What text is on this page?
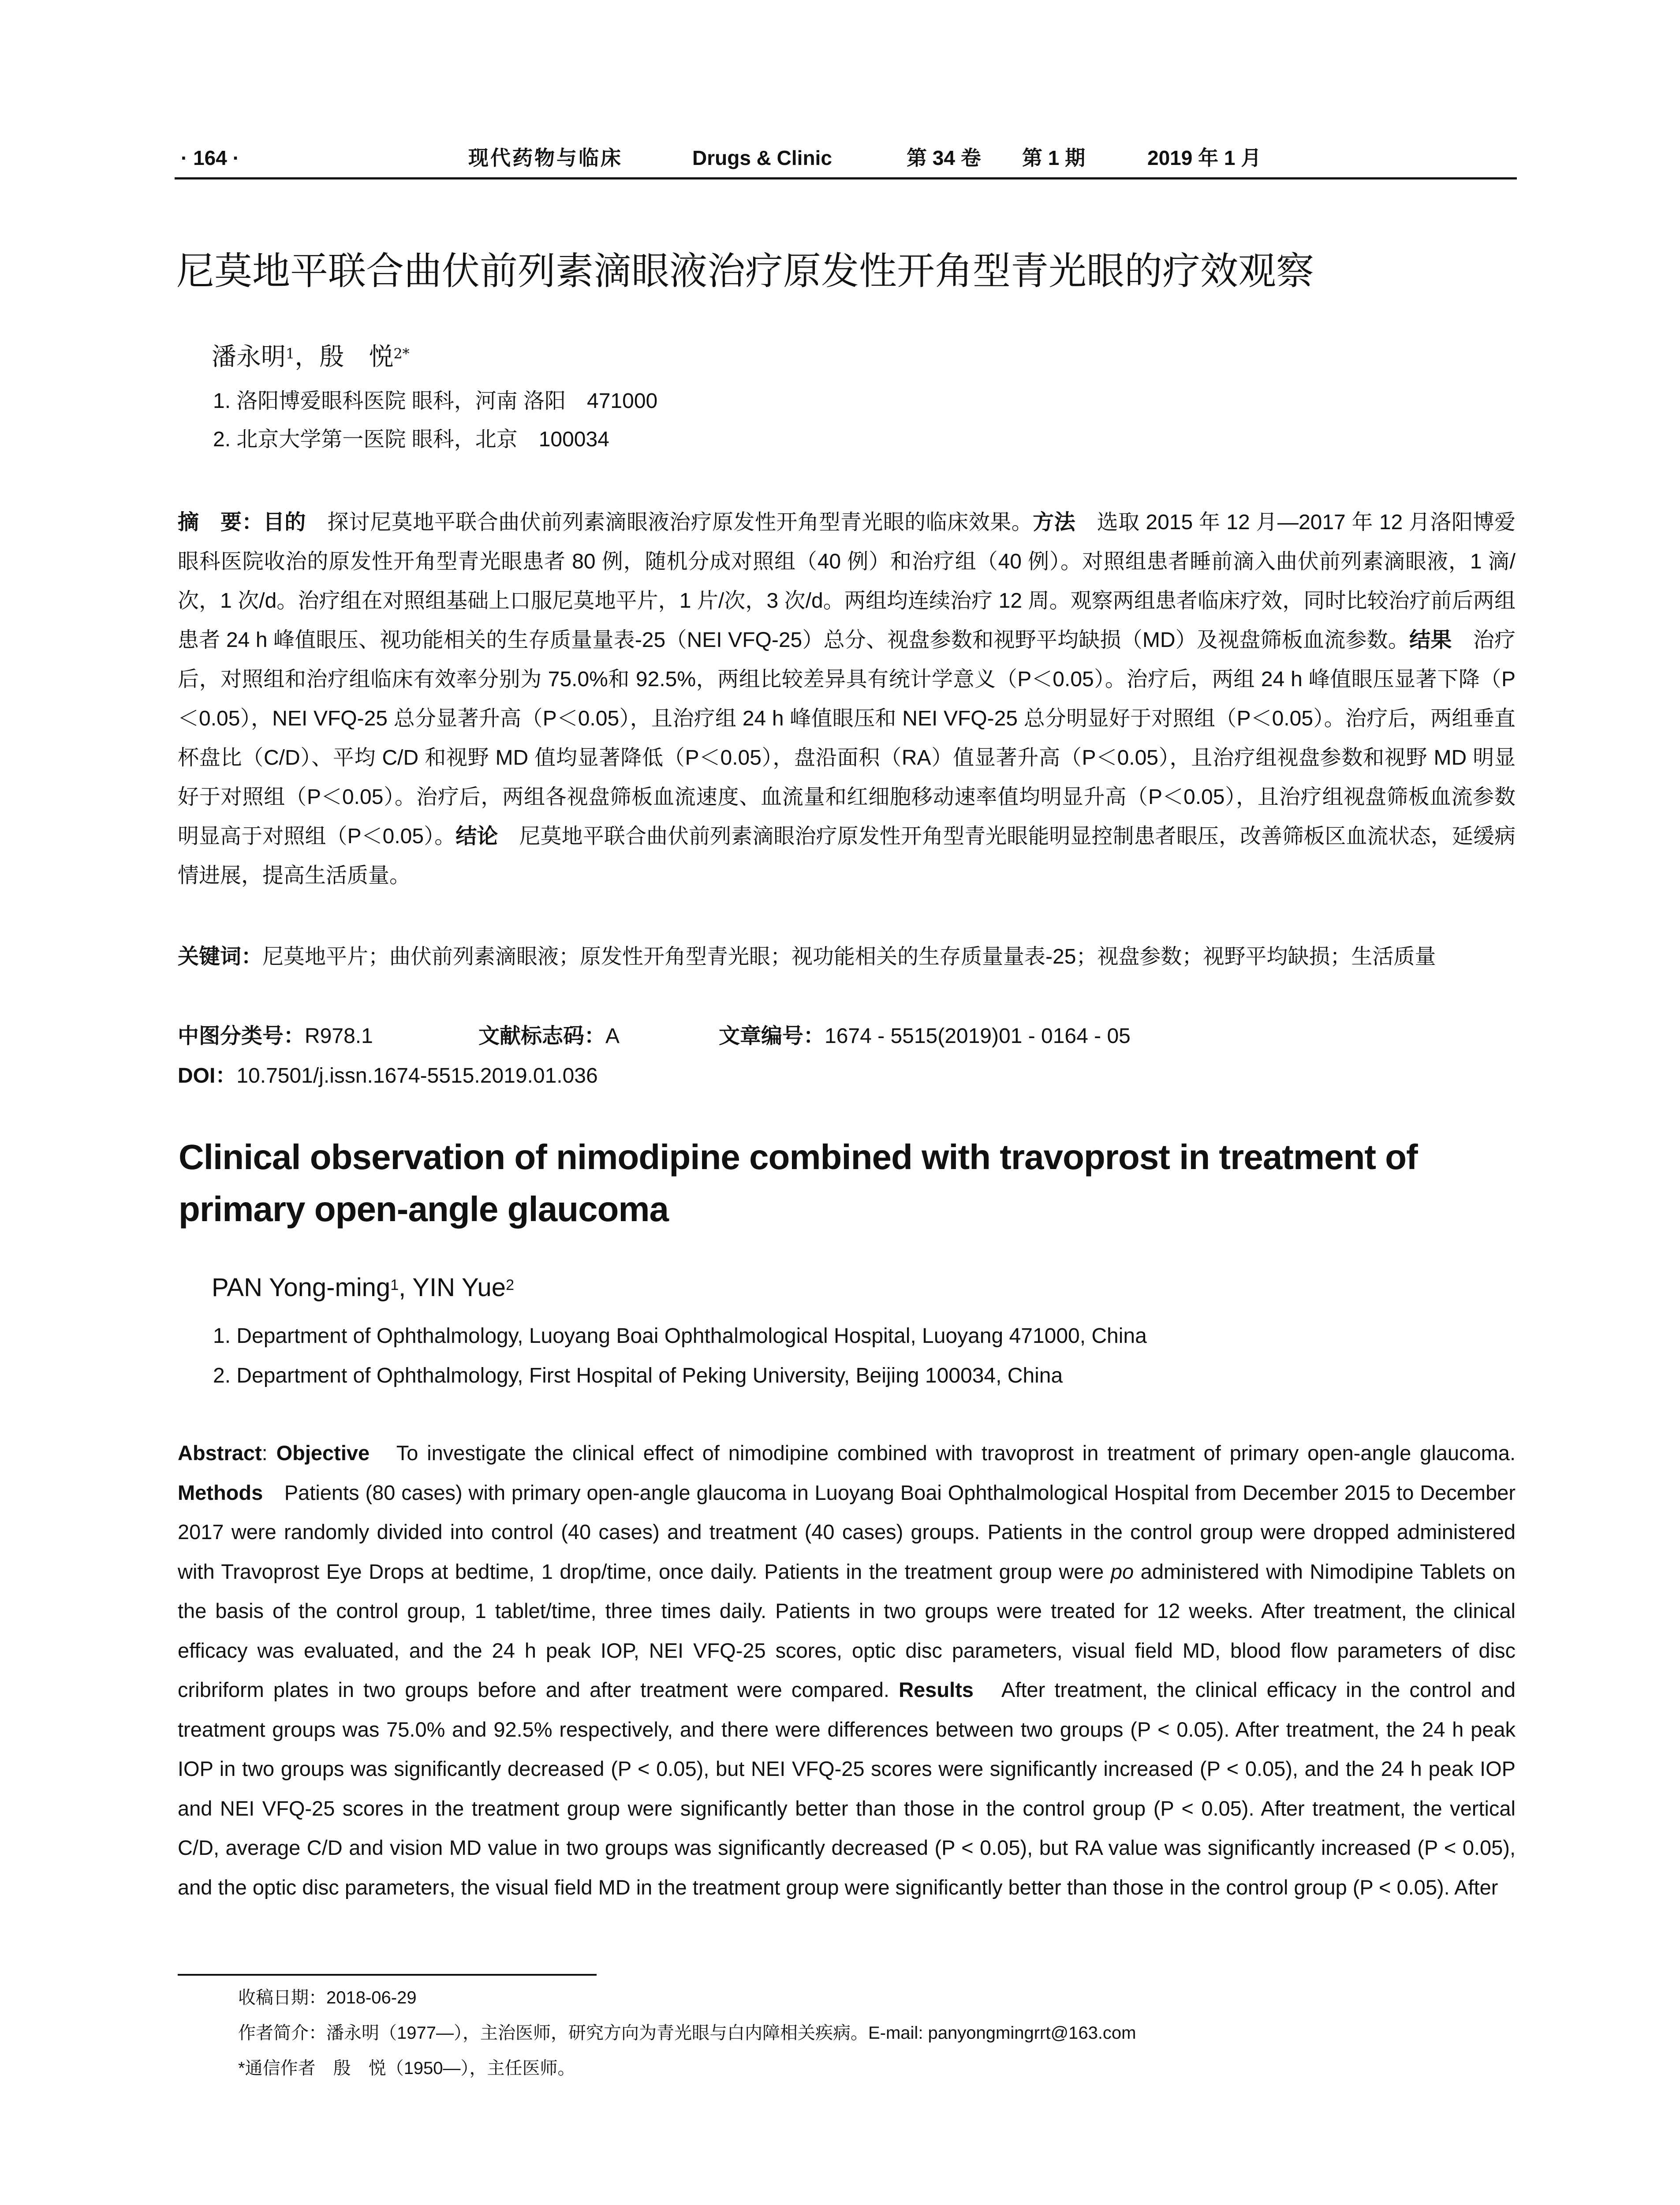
· 164 ·	现代药物与临床	Drugs & Clinic	第 34 卷 第 1 期	2019 年 1 月
尼莫地平联合曲伏前列素滴眼液治疗原发性开角型青光眼的疗效观察
潘永明$^1$，殷　悦$^{2*}$
1. 洛阳博爱眼科医院 眼科，河南 洛阳　471000
2. 北京大学第一医院 眼科，北京　100034
摘　要：目的　探讨尼莫地平联合曲伏前列素滴眼液治疗原发性开角型青光眼的临床效果。方法　选取 2015 年 12 月—2017 年 12 月洛阳博爱眼科医院收治的原发性开角型青光眼患者 80 例，随机分成对照组（40 例）和治疗组（40 例）。对照组患者睡前滴入曲伏前列素滴眼液，1 滴/次，1 次/d。治疗组在对照组基础上口服尼莫地平片，1 片/次，3 次/d。两组均连续治疗 12 周。观察两组患者临床疗效，同时比较治疗前后两组患者 24 h 峰值眼压、视功能相关的生存质量量表-25（NEI VFQ-25）总分、视盘参数和视野平均缺损（MD）及视盘筛板血流参数。结果　治疗后，对照组和治疗组临床有效率分别为 75.0%和 92.5%，两组比较差异具有统计学意义（P＜0.05）。治疗后，两组 24 h 峰值眼压显著下降（P＜0.05），NEI VFQ-25 总分显著升高（P＜0.05），且治疗组 24 h 峰值眼压和 NEI VFQ-25 总分明显好于对照组（P＜0.05）。治疗后，两组垂直杯盘比（C/D）、平均 C/D 和视野 MD 值均显著降低（P＜0.05），盘沿面积（RA）值显著升高（P＜0.05），且治疗组视盘参数和视野 MD 明显好于对照组（P＜0.05）。治疗后，两组各视盘筛板血流速度、血流量和红细胞移动速率值均明显升高（P＜0.05），且治疗组视盘筛板血流参数明显高于对照组（P＜0.05）。结论　尼莫地平联合曲伏前列素滴眼治疗原发性开角型青光眼能明显控制患者眼压，改善筛板区血流状态，延缓病情进展，提高生活质量。
关键词：尼莫地平片；曲伏前列素滴眼液；原发性开角型青光眼；视功能相关的生存质量量表-25；视盘参数；视野平均缺损；生活质量
中图分类号：R978.1	文献标志码：A	文章编号：1674 - 5515(2019)01 - 0164 - 05
DOI：10.7501/j.issn.1674-5515.2019.01.036
Clinical observation of nimodipine combined with travoprost in treatment of primary open-angle glaucoma
PAN Yong-ming$^1$, YIN Yue$^2$
1. Department of Ophthalmology, Luoyang Boai Ophthalmological Hospital, Luoyang 471000, China
2. Department of Ophthalmology, First Hospital of Peking University, Beijing 100034, China
Abstract: Objective　To investigate the clinical effect of nimodipine combined with travoprost in treatment of primary open-angle glaucoma. Methods　Patients (80 cases) with primary open-angle glaucoma in Luoyang Boai Ophthalmological Hospital from December 2015 to December 2017 were randomly divided into control (40 cases) and treatment (40 cases) groups. Patients in the control group were dropped administered with Travoprost Eye Drops at bedtime, 1 drop/time, once daily. Patients in the treatment group were po administered with Nimodipine Tablets on the basis of the control group, 1 tablet/time, three times daily. Patients in two groups were treated for 12 weeks. After treatment, the clinical efficacy was evaluated, and the 24 h peak IOP, NEI VFQ-25 scores, optic disc parameters, visual field MD, blood flow parameters of disc cribriform plates in two groups before and after treatment were compared. Results　After treatment, the clinical efficacy in the control and treatment groups was 75.0% and 92.5% respectively, and there were differences between two groups (P < 0.05). After treatment, the 24 h peak IOP in two groups was significantly decreased (P < 0.05), but NEI VFQ-25 scores were significantly increased (P < 0.05), and the 24 h peak IOP and NEI VFQ-25 scores in the treatment group were significantly better than those in the control group (P < 0.05). After treatment, the vertical C/D, average C/D and vision MD value in two groups was significantly decreased (P < 0.05), but RA value was significantly increased (P < 0.05), and the optic disc parameters, the visual field MD in the treatment group were significantly better than those in the control group (P < 0.05). After
收稿日期：2018-06-29
作者简介：潘永明（1977—），主治医师，研究方向为青光眼与白内障相关疾病。E-mail: panyongmingrrt@163.com
*通信作者　殷　悦（1950—），主任医师。
